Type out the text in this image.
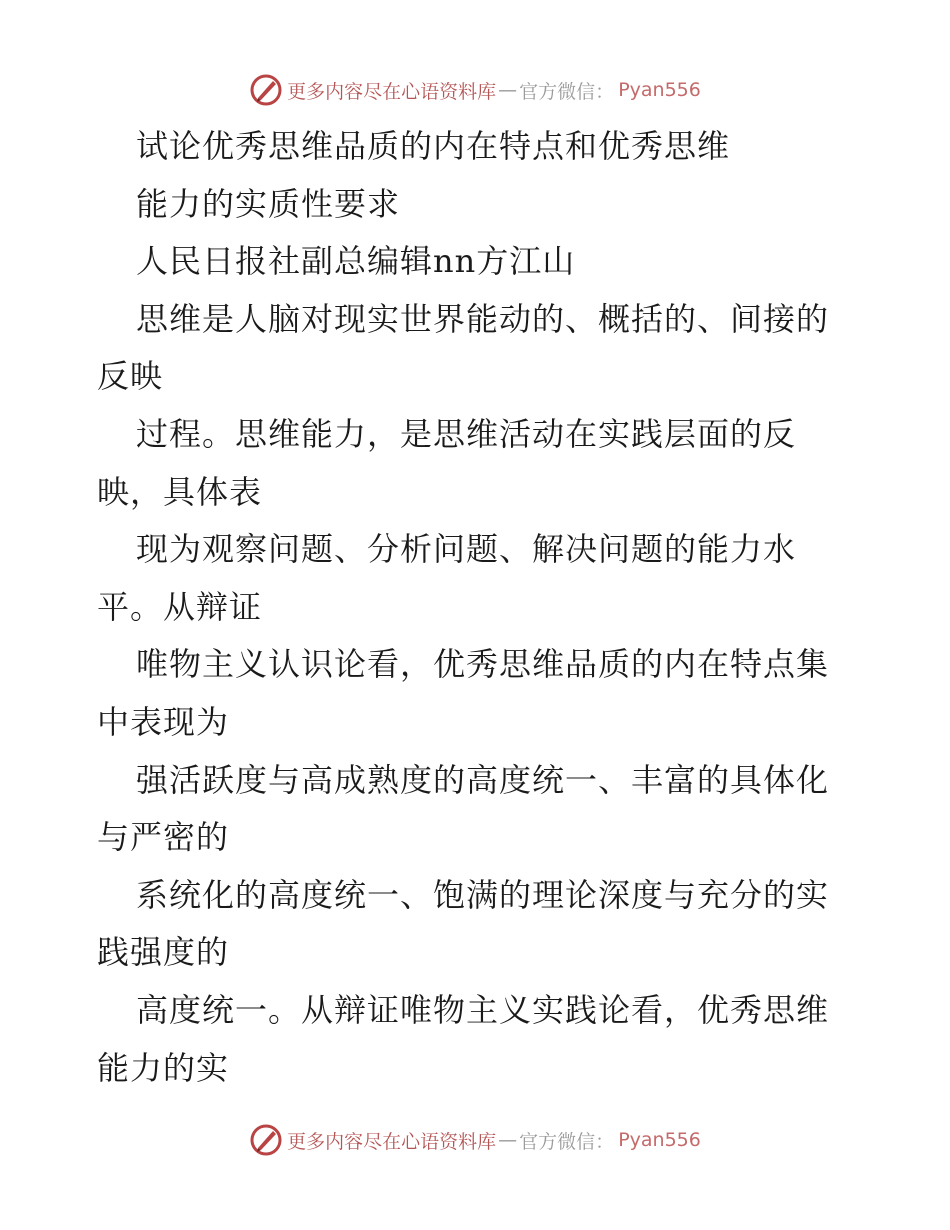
更多内容尽在心语资料库 — 官方微信： Pyan556
试论优秀思维品质的内在特点和优秀思维
能力的实质性要求
人民日报社副总编辑nn方江山
思维是人脑对现实世界能动的、概括的、间接的
反映
过程。思维能力，是思维活动在实践层面的反
映，具体表
现为观察问题、分析问题、解决问题的能力水
平。从辩证
唯物主义认识论看，优秀思维品质的内在特点集
中表现为
强活跃度与高成熟度的高度统一、丰富的具体化
与严密的
系统化的高度统一、饱满的理论深度与充分的实
践强度的
高度统一。从辩证唯物主义实践论看，优秀思维
能力的实
更多内容尽在心语资料库 — 官方微信： Pyan556
